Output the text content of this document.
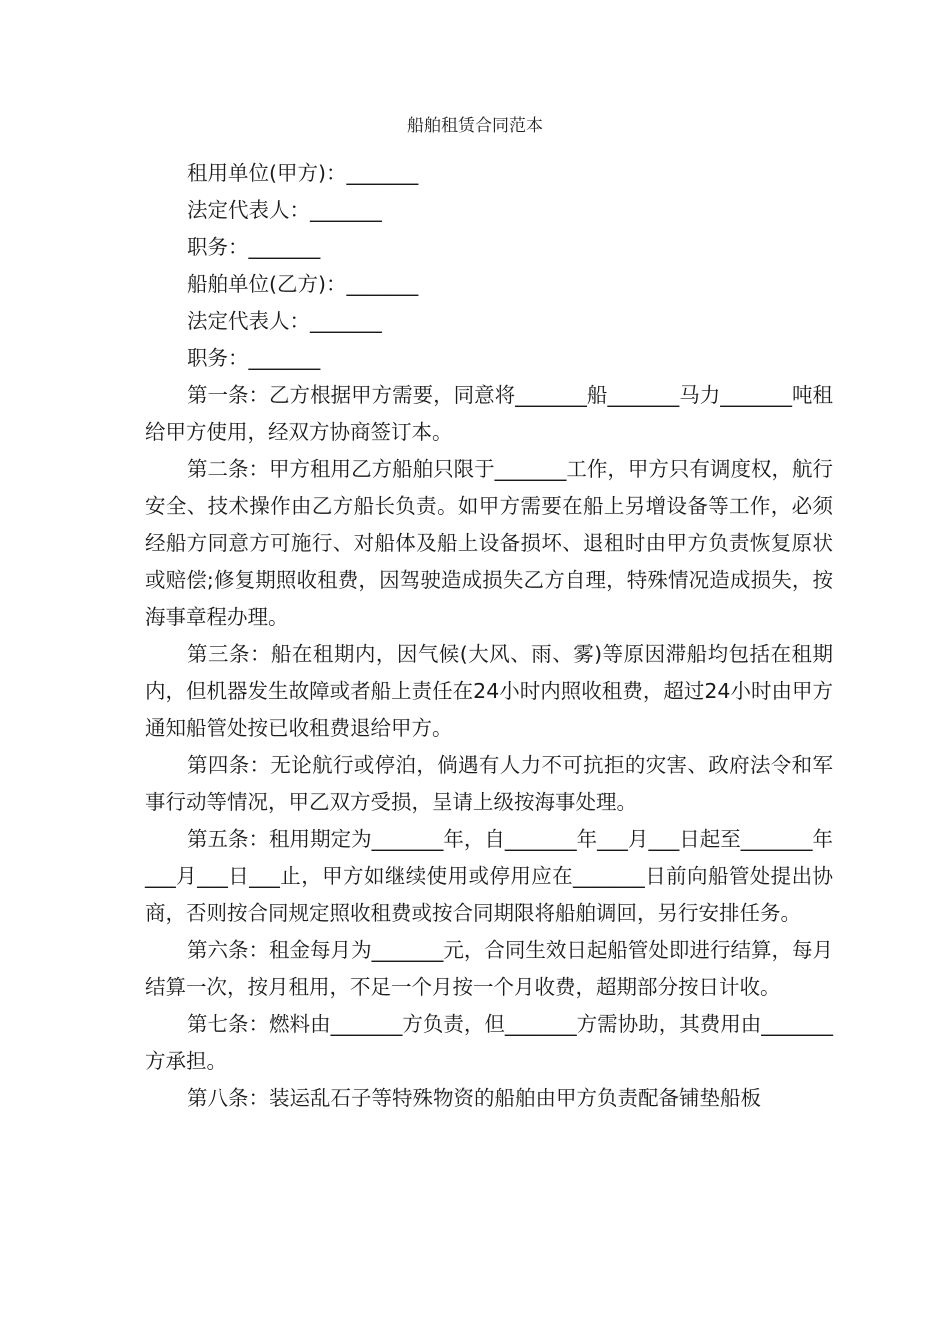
船舶租赁合同范本

租用单位(甲方)：_______

法定代表人：_______

职务：_______

船舶单位(乙方)：_______

法定代表人：_______

职务：_______

第一条：乙方根据甲方需要，同意将_______船_______马力_______吨租给甲方使用，经双方协商签订本。

第二条：甲方租用乙方船舶只限于_______工作，甲方只有调度权，航行安全、技术操作由乙方船长负责。如甲方需要在船上另增设备等工作，必须经船方同意方可施行、对船体及船上设备损坏、退租时由甲方负责恢复原状或赔偿;修复期照收租费，因驾驶造成损失乙方自理，特殊情况造成损失，按海事章程办理。

第三条：船在租期内，因气候(大风、雨、雾)等原因滞船均包括在租期内，但机器发生故障或者船上责任在24小时内照收租费，超过24小时由甲方通知船管处按已收租费退给甲方。

第四条：无论航行或停泊，倘遇有人力不可抗拒的灾害、政府法令和军事行动等情况，甲乙双方受损，呈请上级按海事处理。

第五条：租用期定为_______年，自_______年___月___日起至_______年___月___日___止，甲方如继续使用或停用应在_______日前向船管处提出协商，否则按合同规定照收租费或按合同期限将船舶调回，另行安排任务。

第六条：租金每月为_______元，合同生效日起船管处即进行结算，每月结算一次，按月租用，不足一个月按一个月收费，超期部分按日计收。

第七条：燃料由_______方负责，但_______方需协助，其费用由_______方承担。

第八条：装运乱石子等特殊物资的船舶由甲方负责配备铺垫船板
